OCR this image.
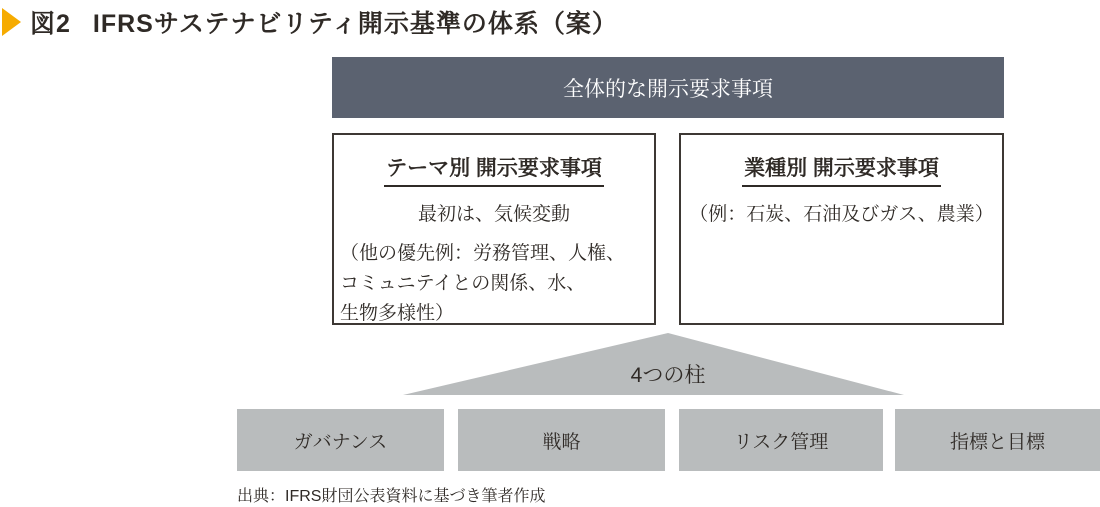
図2 IFRSサステナビリティ開示基準の体系（案）
全体的な開示要求事項
テーマ別 開示要求事項
最初は、気候変動
（他の優先例：労務管理、人権、
コミュニテイとの関係、水、
生物多様性）
業種別 開示要求事項
（例：石炭、石油及びガス、農業）
4つの柱
ガバナンス	戦略	リスク管理	指標と目標
出典：IFRS財団公表資料に基づき筆者作成
